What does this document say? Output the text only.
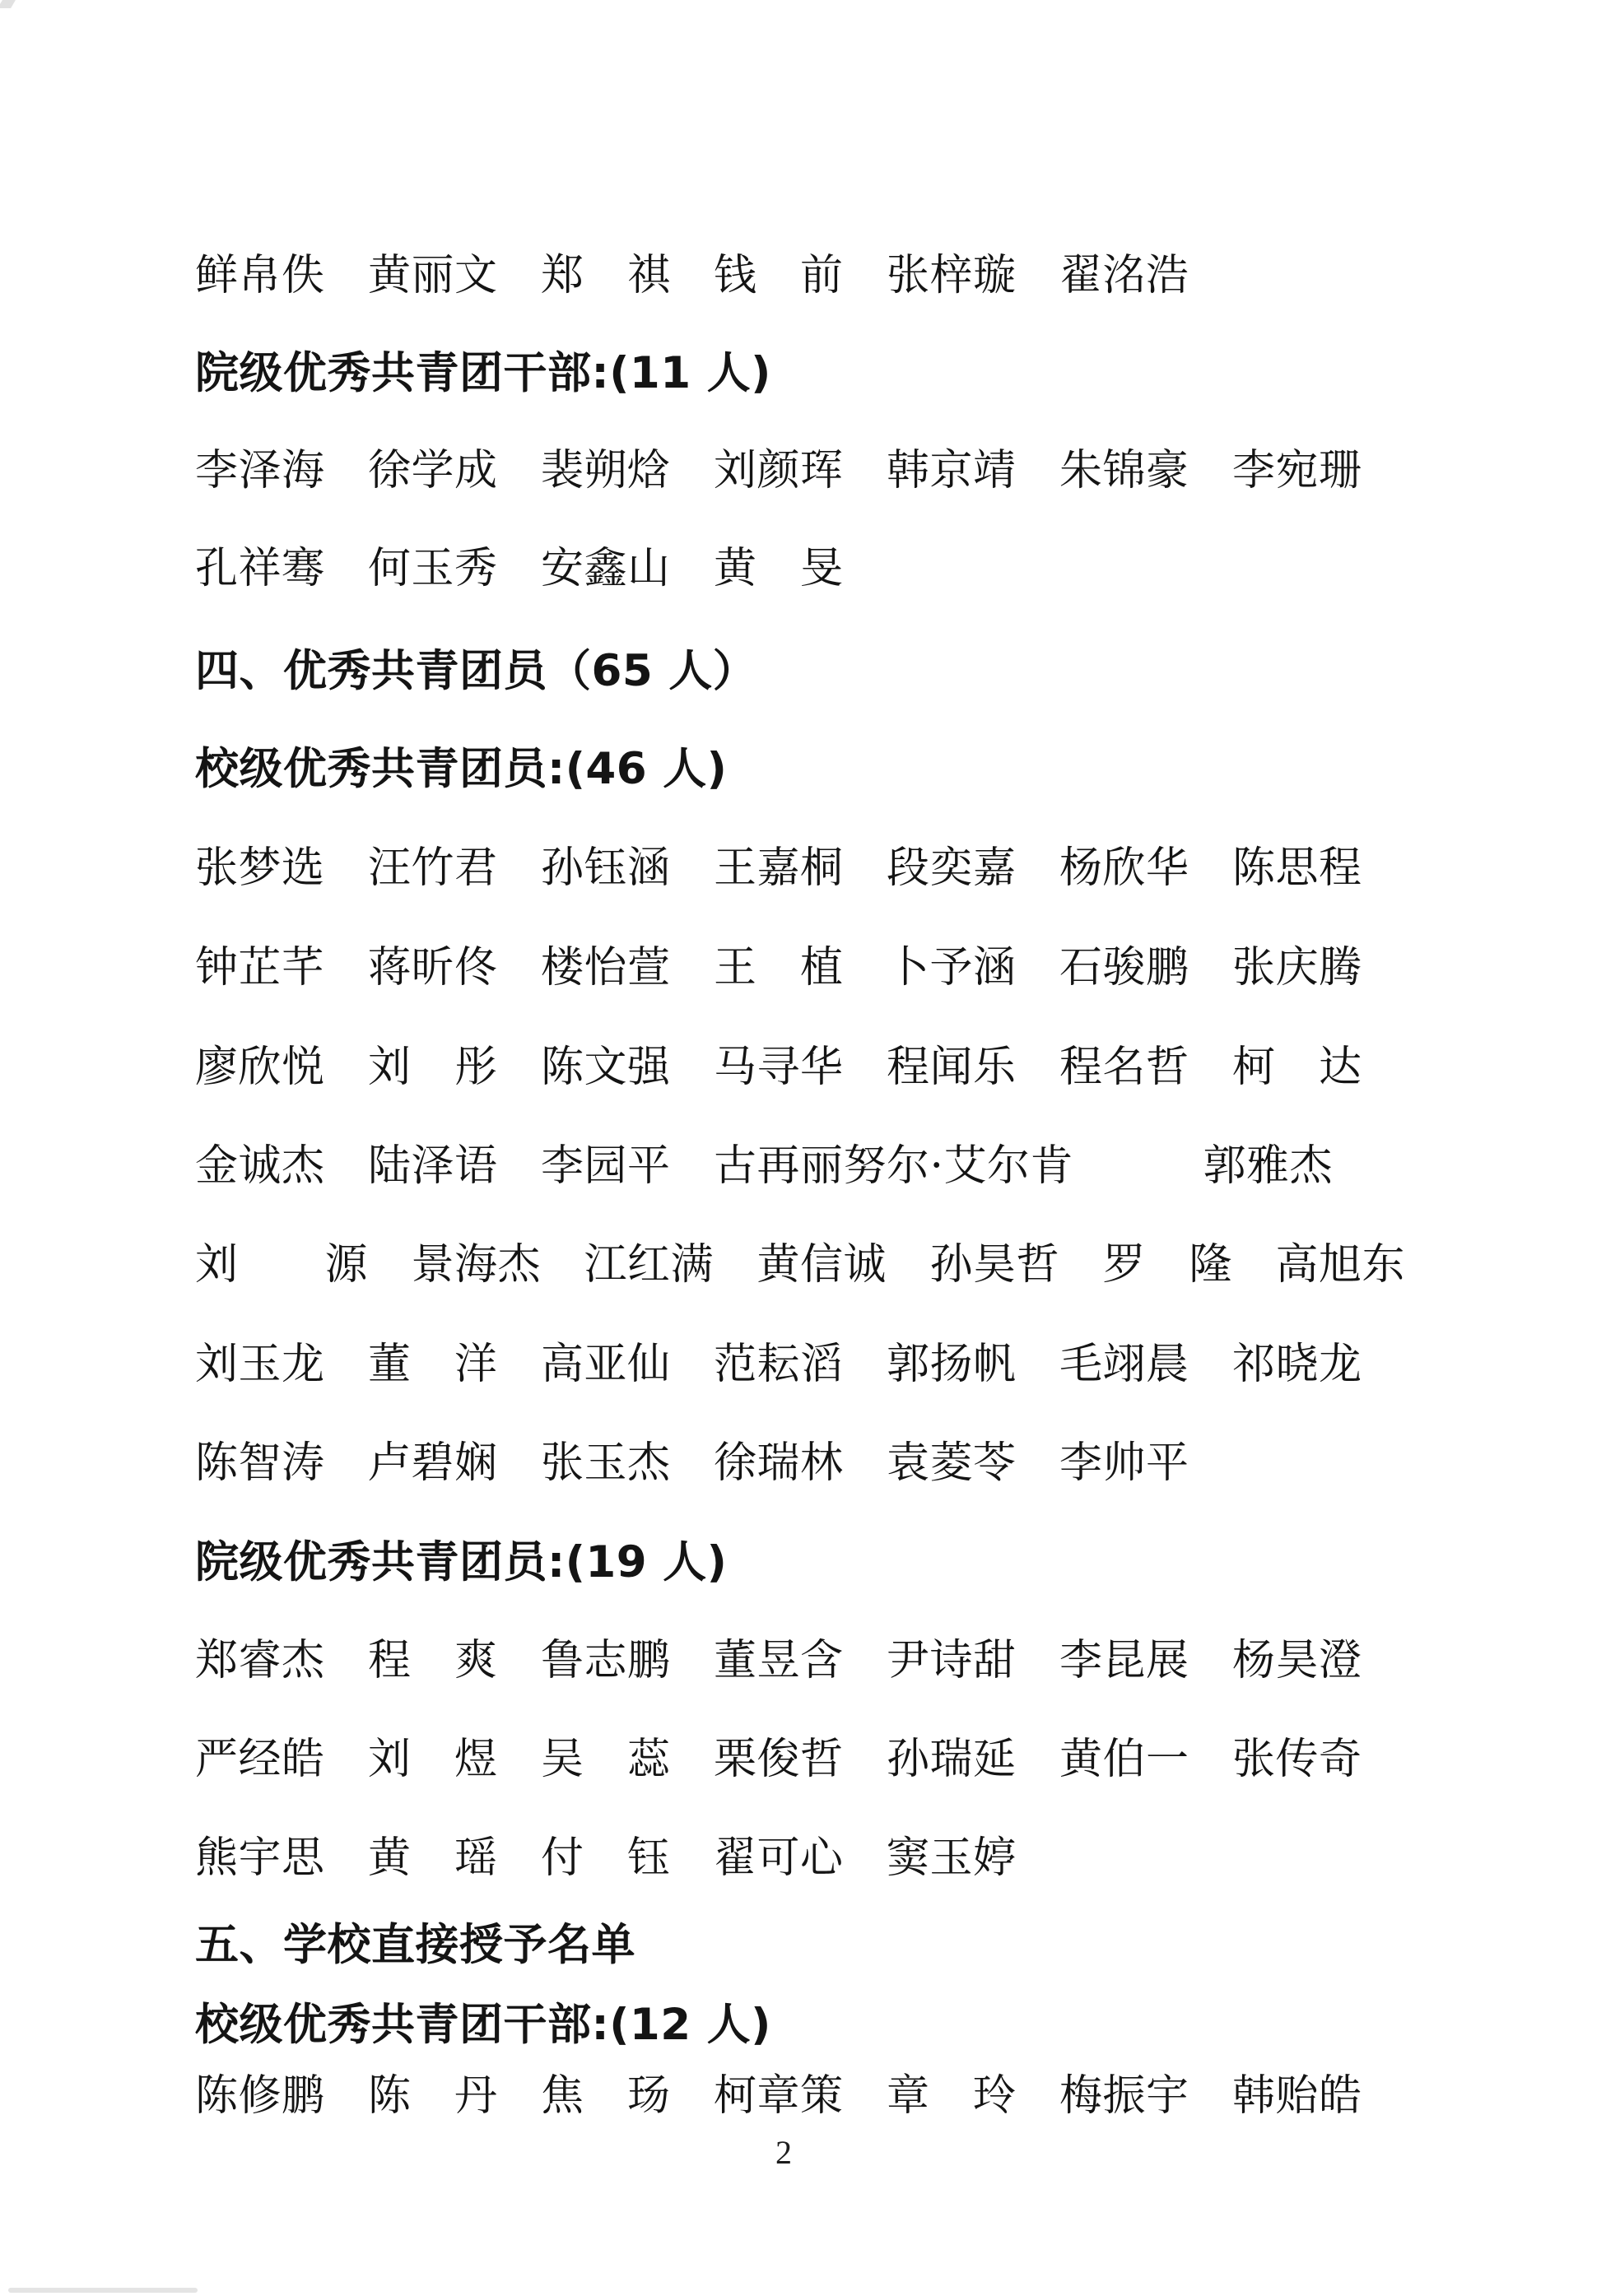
鲜帛佚　黄丽文　郑　祺　钱　前　张梓璇　翟洺浩
院级优秀共青团干部:(11 人)
李泽海　徐学成　裴朔焓　刘颜珲　韩京靖　朱锦豪　李宛珊
孔祥骞　何玉秀　安鑫山　黄　旻
四、优秀共青团员（65 人）
校级优秀共青团员:(46 人)
张梦选　汪竹君　孙钰涵　王嘉桐　段奕嘉　杨欣华　陈思程
钟芷芊　蒋昕佟　楼怡萱　王　植　卜予涵　石骏鹏　张庆腾
廖欣悦　刘　彤　陈文强　马寻华　程闻乐　程名哲　柯　达
金诚杰　陆泽语　李园平　古再丽努尔·艾尔肯　　　郭雅杰
刘　　源　景海杰　江红满　黄信诚　孙昊哲　罗　隆　高旭东
刘玉龙　董　洋　高亚仙　范耘滔　郭扬帆　毛翊晨　祁晓龙
陈智涛　卢碧娴　张玉杰　徐瑞林　袁菱苓　李帅平
院级优秀共青团员:(19 人)
郑睿杰　程　爽　鲁志鹏　董昱含　尹诗甜　李昆展　杨昊澄
严经皓　刘　煜　吴　蕊　栗俊哲　孙瑞延　黄伯一　张传奇
熊宇思　黄　瑶　付　钰　翟可心　窦玉婷
五、学校直接授予名单
校级优秀共青团干部:(12 人)
陈修鹏　陈　丹　焦　玚　柯章策　章　玲　梅振宇　韩贻皓
2
